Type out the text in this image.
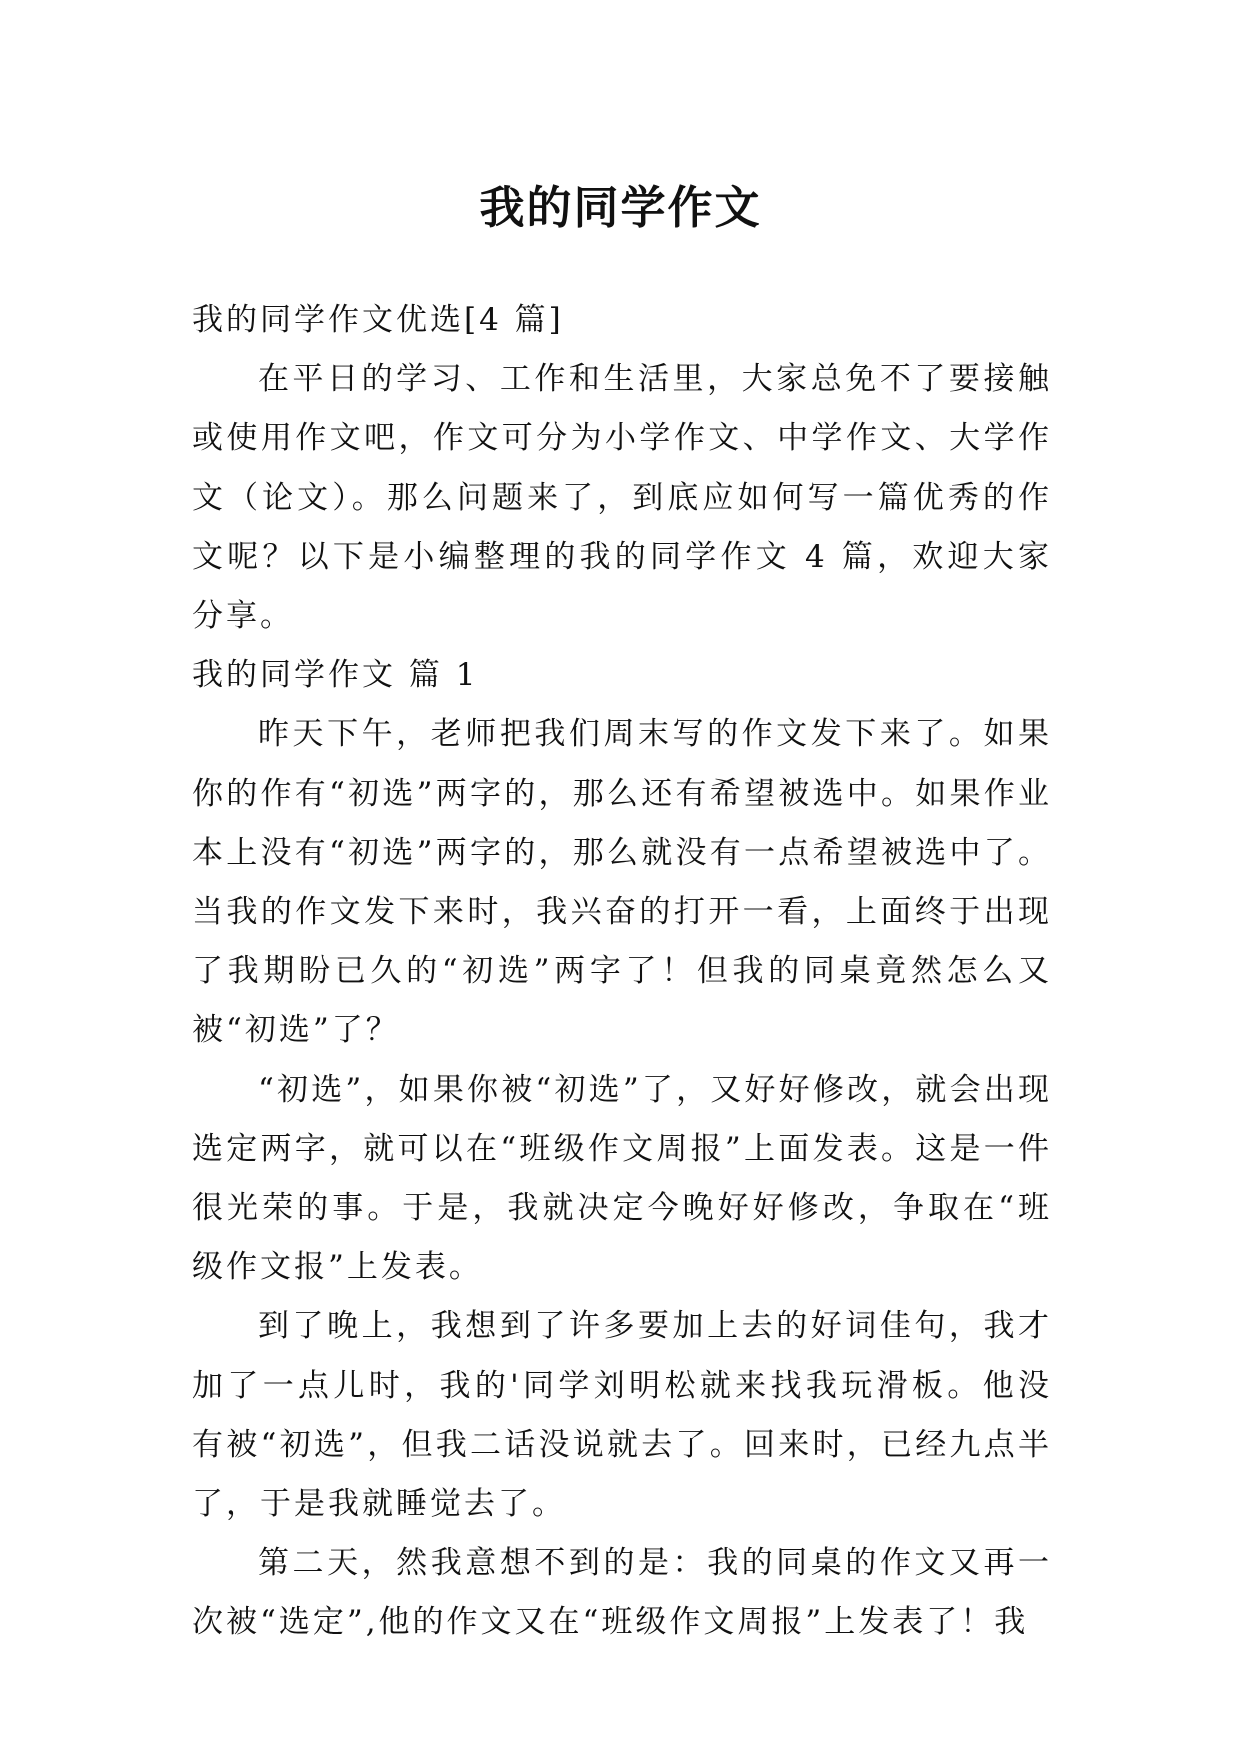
我的同学作文

我的同学作文优选[4 篇]

在平日的学习、工作和生活里，大家总免不了要接触或使用作文吧，作文可分为小学作文、中学作文、大学作文（论文）。那么问题来了，到底应如何写一篇优秀的作文呢？以下是小编整理的我的同学作文 4 篇，欢迎大家分享。

我的同学作文 篇 1

昨天下午，老师把我们周末写的作文发下来了。如果你的作有“初选”两字的，那么还有希望被选中。如果作业本上没有“初选”两字的，那么就没有一点希望被选中了。当我的作文发下来时，我兴奋的打开一看，上面终于出现了我期盼已久的“初选”两字了！但我的同桌竟然怎么又被“初选”了？

“初选”，如果你被“初选”了，又好好修改，就会出现选定两字，就可以在“班级作文周报”上面发表。这是一件很光荣的事。于是，我就决定今晚好好修改，争取在“班级作文报”上发表。

到了晚上，我想到了许多要加上去的好词佳句，我才加了一点儿时，我的'同学刘明松就来找我玩滑板。他没有被“初选”，但我二话没说就去了。回来时，已经九点半了，于是我就睡觉去了。

第二天，然我意想不到的是：我的同桌的作文又再一次被“选定”,他的作文又在“班级作文周报”上发表了！我
